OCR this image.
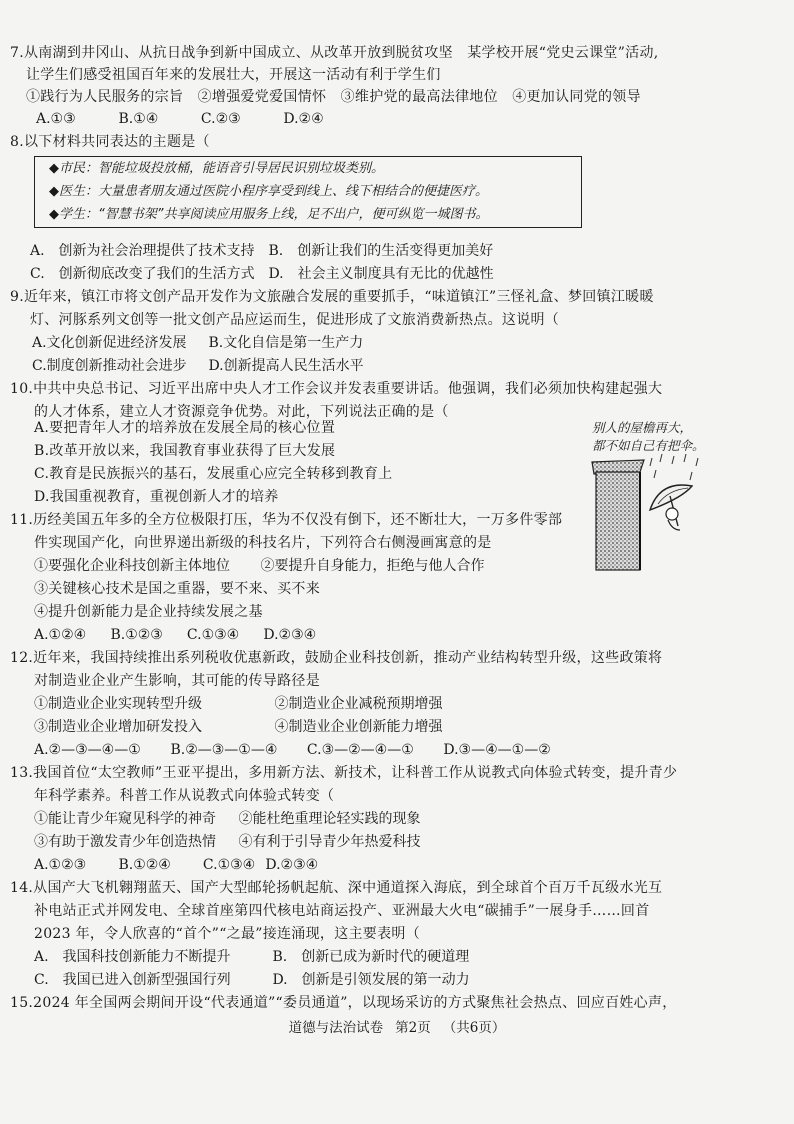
7.从南湖到井冈山、从抗日战争到新中国成立、从改革开放到脱贫攻坚　某学校开展“党史云课堂”活动,
让学生们感受祖国百年来的发展壮大，开展这一活动有利于学生们
①践行为人民服务的宗旨　②增强爱党爱国情怀　③维护党的最高法律地位　④更加认同党的领导
A.①③	B.①④	C.②③	D.②④
8.以下材料共同表达的主题是（
◆市民：智能垃圾投放桶，能语音引导居民识别垃圾类别。
◆医生：大量患者朋友通过医院小程序享受到线上、线下相结合的便捷医疗。
◆学生：“智慧书架”共享阅读应用服务上线，足不出户，便可纵览一城图书。
A.　创新为社会治理提供了技术支持 B.　创新让我们的生活变得更加美好
C.　创新彻底改变了我们的生活方式 D.　社会主义制度具有无比的优越性
9.近年来，镇江市将文创产品开发作为文旅融合发展的重要抓手，“味道镇江”三怪礼盒、梦回镇江暖暖
灯、河豚系列文创等一批文创产品应运而生，促进形成了文旅消费新热点。这说明（
A.文化创新促进经济发展 B.文化自信是第一生产力
C.制度创新推动社会进步 D.创新提高人民生活水平
10.中共中央总书记、习近平出席中央人才工作会议并发表重要讲话。他强调，我们必须加快构建起强大
的人才体系，建立人才资源竞争优势。对此，下列说法正确的是（
A.要把青年人才的培养放在发展全局的核心位置
B.改革开放以来，我国教育事业获得了巨大发展
C.教育是民族振兴的基石，发展重心应完全转移到教育上
D.我国重视教育，重视创新人才的培养
别人的屋檐再大，
都不如自己有把伞。
11.历经美国五年多的全方位极限打压，华为不仅没有倒下，还不断壮大，一万多件零部
件实现国产化，向世界递出新级的科技名片，下列符合右侧漫画寓意的是
①要强化企业科技创新主体地位 ②要提升自身能力，拒绝与他人合作
③关键核心技术是国之重器，要不来、买不来
④提升创新能力是企业持续发展之基
A.①②④ B.①②③ C.①③④ D.②③④
12.近年来，我国持续推出系列税收优惠新政，鼓励企业科技创新，推动产业结构转型升级，这些政策将
对制造业企业产生影响，其可能的传导路径是
①制造业企业实现转型升级	②制造业企业减税预期增强
③制造业企业增加研发投入	④制造业企业创新能力增强
A.②—③—④—① B.②—③—①—④ C.③—②—④—① D.③—④—①—②
13.我国首位“太空教师”王亚平提出，多用新方法、新技术，让科普工作从说教式向体验式转变，提升青少
年科学素养。科普工作从说教式向体验式转变（
①能让青少年窥见科学的神奇 ②能杜绝重理论轻实践的现象
③有助于激发青少年创造热情 ④有利于引导青少年热爱科技
A.①②③ B.①②④ C.①③④ D.②③④
14.从国产大飞机翱翔蓝天、国产大型邮轮扬帆起航、深中通道探入海底，到全球首个百万千瓦级水光互
补电站正式并网发电、全球首座第四代核电站商运投产、亚洲最大火电“碳捕手”一展身手……回首
2023 年，令人欣喜的“首个”“之最”接连涌现，这主要表明（
A.　我国科技创新能力不断提升	B.　创新已成为新时代的硬道理
C.　我国已进入创新型强国行列	D.　创新是引领发展的第一动力
15.2024 年全国两会期间开设“代表通道”“委员通道”，以现场采访的方式聚焦社会热点、回应百姓心声，
道德与法治试卷 第2页 （共6页）
